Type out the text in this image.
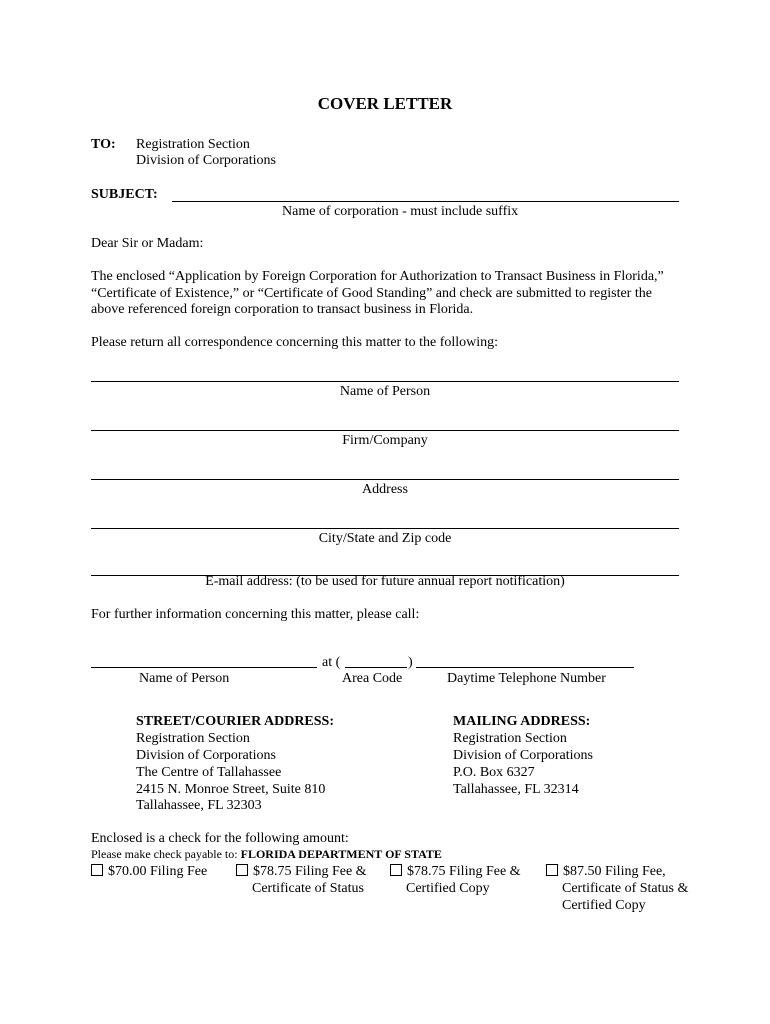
COVER LETTER
TO: Registration Section
Division of Corporations
SUBJECT:
Name of corporation - must include suffix
Dear Sir or Madam:
The enclosed “Application by Foreign Corporation for Authorization to Transact Business in Florida,” “Certificate of Existence,” or “Certificate of Good Standing” and check are submitted to register the above referenced foreign corporation to transact business in Florida.
Please return all correspondence concerning this matter to the following:
Name of Person
Firm/Company
Address
City/State and Zip code
E-mail address: (to be used for future annual report notification)
For further information concerning this matter, please call:
at (	)
Name of Person	Area Code	Daytime Telephone Number
STREET/COURIER ADDRESS:
Registration Section
Division of Corporations
The Centre of Tallahassee
2415 N. Monroe Street, Suite 810
Tallahassee, FL 32303
MAILING ADDRESS:
Registration Section
Division of Corporations
P.O. Box 6327
Tallahassee, FL 32314
Enclosed is a check for the following amount:
Please make check payable to: FLORIDA DEPARTMENT OF STATE
$70.00 Filing Fee	$78.75 Filing Fee &
Certificate of Status
$78.75 Filing Fee &
Certified Copy
$87.50 Filing Fee,
Certificate of Status &
Certified Copy
